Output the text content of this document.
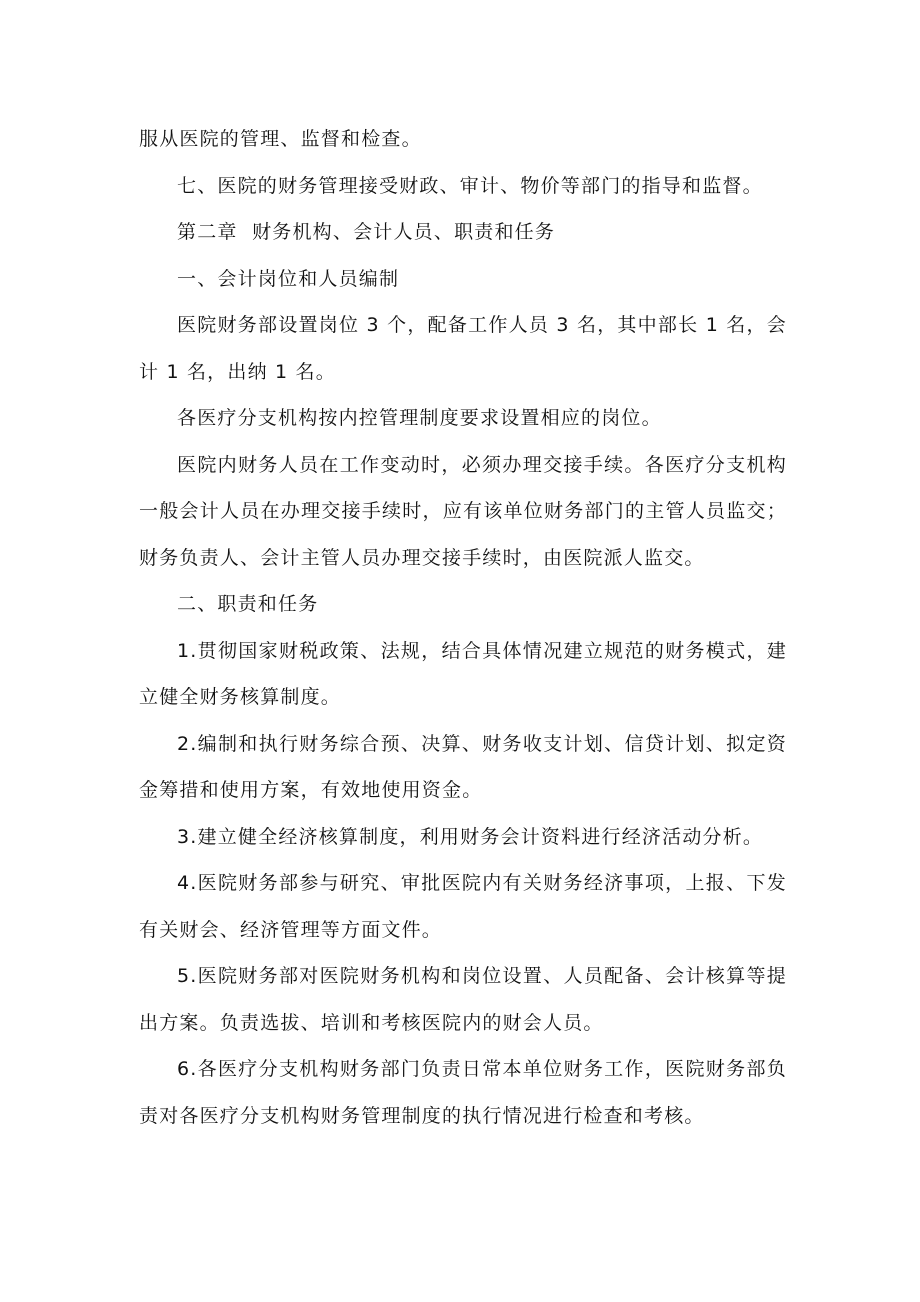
服从医院的管理、监督和检查。

七、医院的财务管理接受财政、审计、物价等部门的指导和监督。

第二章  财务机构、会计人员、职责和任务

一、会计岗位和人员编制

医院财务部设置岗位 3 个，配备工作人员 3 名，其中部长 1 名，会计 1 名，出纳 1 名。

各医疗分支机构按内控管理制度要求设置相应的岗位。

医院内财务人员在工作变动时，必须办理交接手续。各医疗分支机构一般会计人员在办理交接手续时，应有该单位财务部门的主管人员监交；财务负责人、会计主管人员办理交接手续时，由医院派人监交。

二、职责和任务

1.贯彻国家财税政策、法规，结合具体情况建立规范的财务模式，建立健全财务核算制度。

2.编制和执行财务综合预、决算、财务收支计划、信贷计划、拟定资金筹措和使用方案，有效地使用资金。

3.建立健全经济核算制度，利用财务会计资料进行经济活动分析。

4.医院财务部参与研究、审批医院内有关财务经济事项，上报、下发有关财会、经济管理等方面文件。

5.医院财务部对医院财务机构和岗位设置、人员配备、会计核算等提出方案。负责选拔、培训和考核医院内的财会人员。

6.各医疗分支机构财务部门负责日常本单位财务工作，医院财务部负责对各医疗分支机构财务管理制度的执行情况进行检查和考核。
